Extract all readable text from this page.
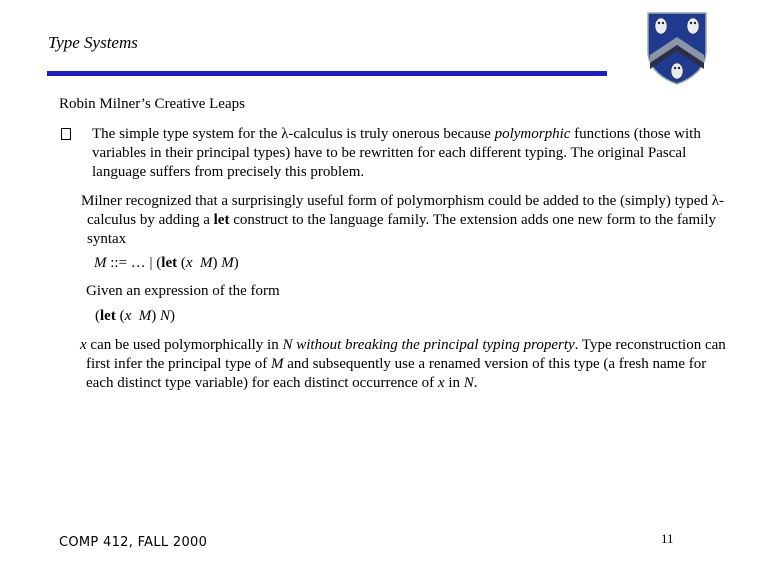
Type Systems
Robin Milner’s Creative Leaps
The simple type system for the λ-calculus is truly onerous because polymorphic functions (those with variables in their principal types) have to be rewritten for each different typing. The original Pascal language suffers from precisely this problem.
Milner recognized that a surprisingly useful form of polymorphism could be added to the (simply) typed λ-calculus by adding a let construct to the language family. The extension adds one new form to the family syntax
M ::= … | (let (x M) M)
Given an expression of the form
(let (x M) N)
x can be used polymorphically in N without breaking the principal typing property. Type reconstruction can first infer the principal type of M and subsequently use a renamed version of this type (a fresh name for each distinct type variable) for each distinct occurrence of x in N.
COMP 412, FALL 2000	11
